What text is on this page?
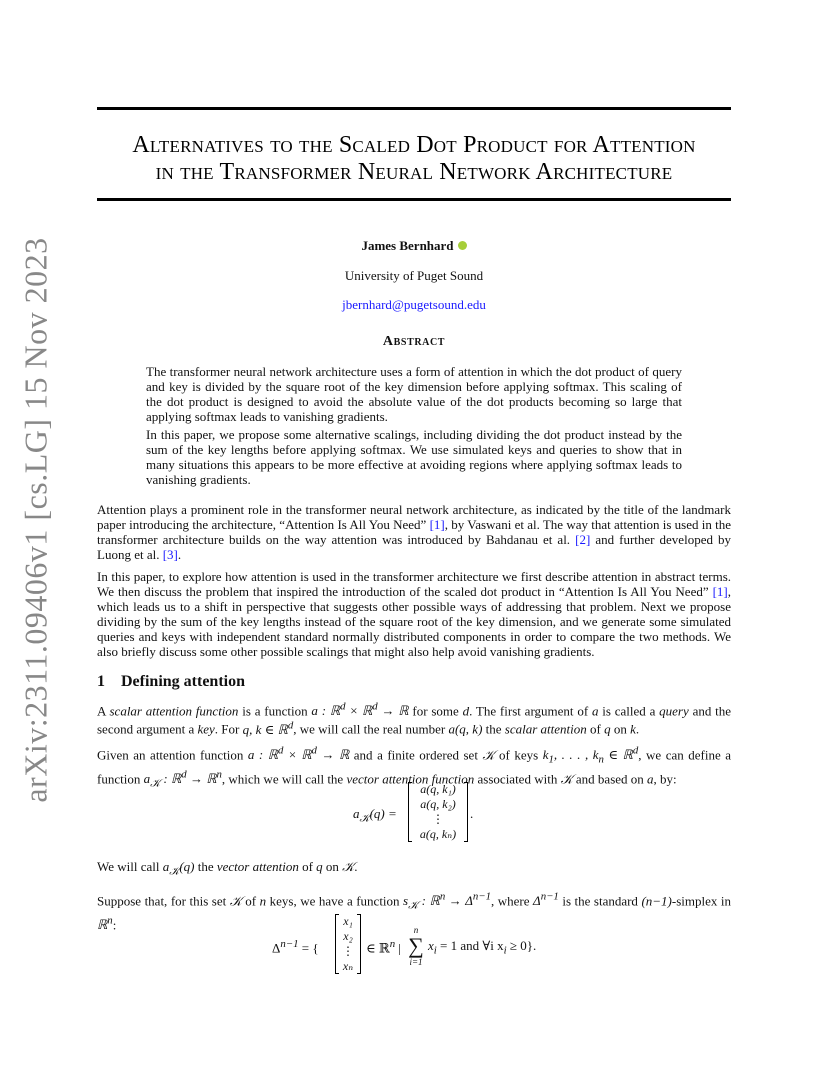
arXiv:2311.09406v1 [cs.LG] 15 Nov 2023
Alternatives to the Scaled Dot Product for Attention
in the Transformer Neural Network Architecture
James Bernhard
University of Puget Sound
jbernhard@pugetsound.edu
Abstract

The transformer neural network architecture uses a form of attention in which the dot product of query and key is divided by the square root of the key dimension before applying softmax. This scaling of the dot product is designed to avoid the absolute value of the dot products becoming so large that applying softmax leads to vanishing gradients.

In this paper, we propose some alternative scalings, including dividing the dot product instead by the sum of the key lengths before applying softmax. We use simulated keys and queries to show that in many situations this appears to be more effective at avoiding regions where applying softmax leads to vanishing gradients.

Attention plays a prominent role in the transformer neural network architecture, as indicated by the title of the landmark paper introducing the architecture, “Attention Is All You Need” [1], by Vaswani et al. The way that attention is used in the transformer architecture builds on the way attention was introduced by Bahdanau et al. [2] and further developed by Luong et al. [3].

In this paper, to explore how attention is used in the transformer architecture we first describe attention in abstract terms. We then discuss the problem that inspired the introduction of the scaled dot product in “Attention Is All You Need” [1], which leads us to a shift in perspective that suggests other possible ways of addressing that problem. Next we propose dividing by the sum of the key lengths instead of the square root of the key dimension, and we generate some simulated queries and keys with independent standard normally distributed components in order to compare the two methods. We also briefly discuss some other possible scalings that might also help avoid vanishing gradients.

1 Defining attention

A scalar attention function is a function a : ℝ$^d$ × ℝ$^d$ → ℝ for some d. The first argument of a is called a query and the second argument a key. For q, k ∈ ℝ$^d$, we will call the real number a(q, k) the scalar attention of q on k.

Given an attention function a : ℝ$^d$ × ℝ$^d$ → ℝ and a finite ordered set 𝒦 of keys $k_1$, . . . , $k_n$ ∈ ℝ$^d$, we can define a function $a_𝒦$ : ℝ$^d$ → ℝ$^n$, which we will call the vector attention function associated with 𝒦 and based on a, by:

$a_𝒦(q)$ =
a(q, k₁)
a(q, k₂)
⋮
a(q, kₙ)
.

We will call $a_𝒦(q)$ the vector attention of q on 𝒦.

Suppose that, for this set 𝒦 of n keys, we have a function $s_𝒦$ : ℝ$^n$ → $\Delta^{n-1}$, where $\Delta^{n-1}$ is the standard (n−1)-simplex in ℝ$^n$:

$\Delta^{n-1}$ = {
x₁
x₂
⋮
xₙ
∈ ℝ$^n$ |
n
∑
i=1
$x_i = 1$ and ∀i $x_i \ge 0$}.
